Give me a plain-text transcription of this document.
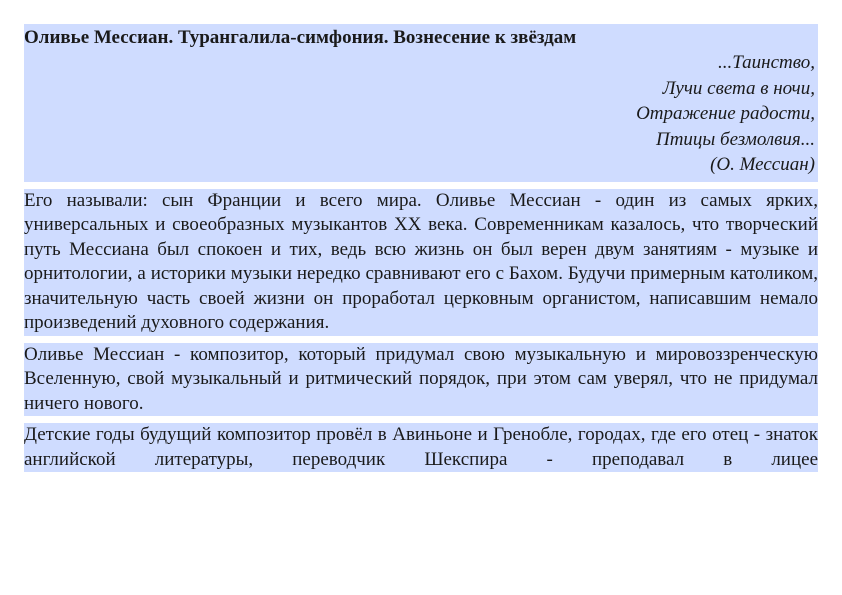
Оливье Мессиан. Турангалила-симфония. Вознесение к звёздам
...Таинство,
Лучи света в ночи,
Отражение радости,
Птицы безмолвия...
(О. Мессиан)

Его называли: сын Франции и всего мира. Оливье Мессиан - один из самых ярких, универсальных и своеобразных музыкантов XX века. Современникам казалось, что творческий путь Мессиана был спокоен и тих, ведь всю жизнь он был верен двум занятиям - музыке и орнитологии, а историки музыки нередко сравнивают его с Бахом. Будучи примерным католиком, значительную часть своей жизни он проработал церковным органистом, написавшим немало произведений духовного содержания.

Оливье Мессиан - композитор, который придумал свою музыкальную и мировоззренческую Вселенную, свой музыкальный и ритмический порядок, при этом сам уверял, что не придумал ничего нового.

Детские годы будущий композитор провёл в Авиньоне и Гренобле, городах, где его отец - знаток английской литературы, переводчик Шекспира - преподавал в лицее
